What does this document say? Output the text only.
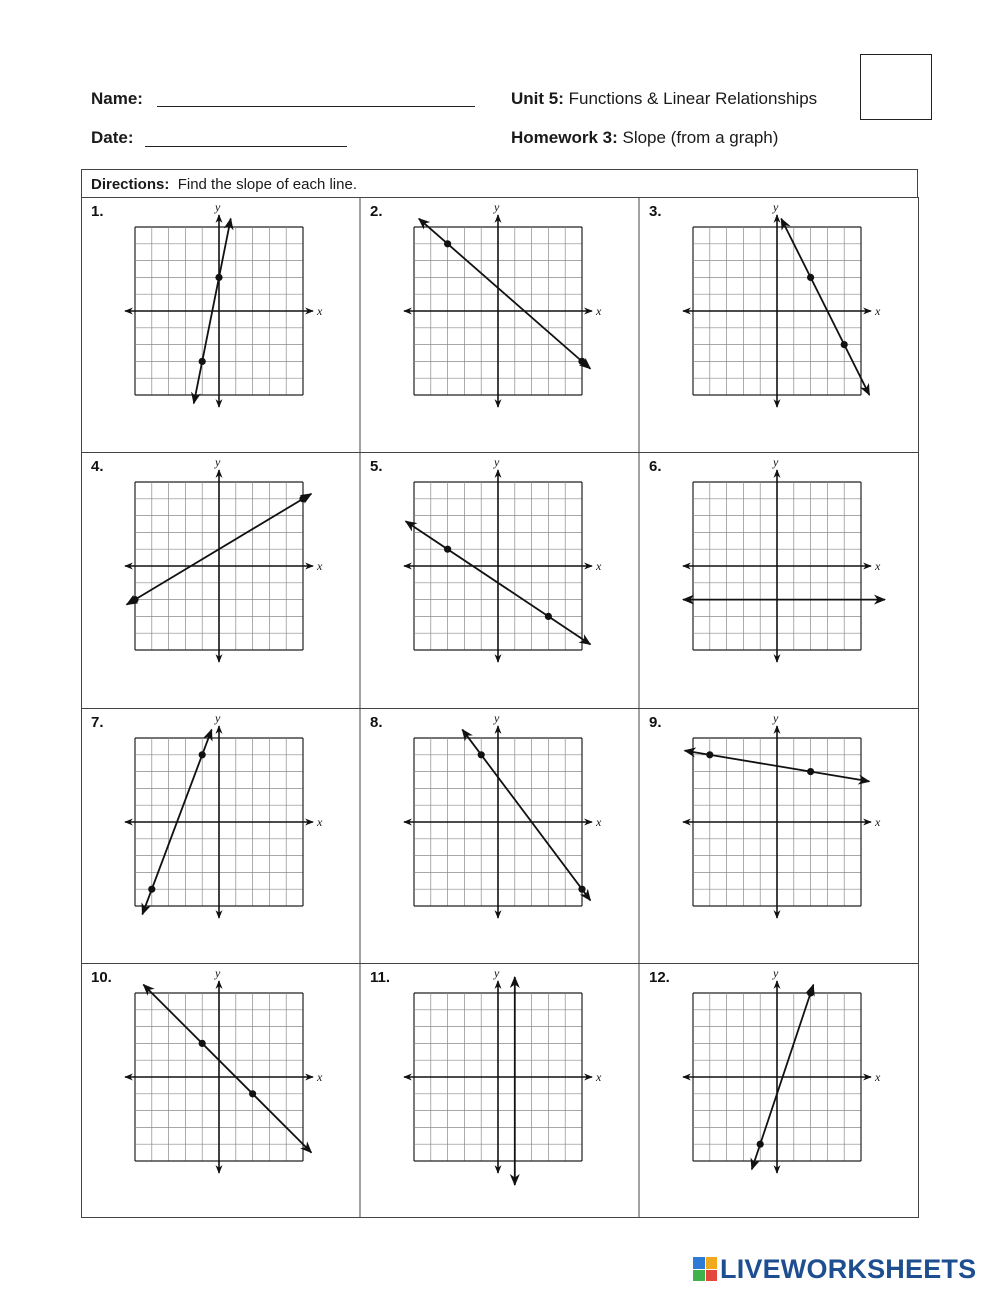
Name:
Date:
Unit 5: Functions & Linear Relationships
Homework 3: Slope (from a graph)
Directions: Find the slope of each line.
1.
x
y	2.
x
y	3.
x
y
4.
x
y	5.
x
y	6.
x
y
7.
x
y	8.
x
y	9.
x
y
10.
x
y	11.
x
y	12.
x
y
LIVEWORKSHEETS
